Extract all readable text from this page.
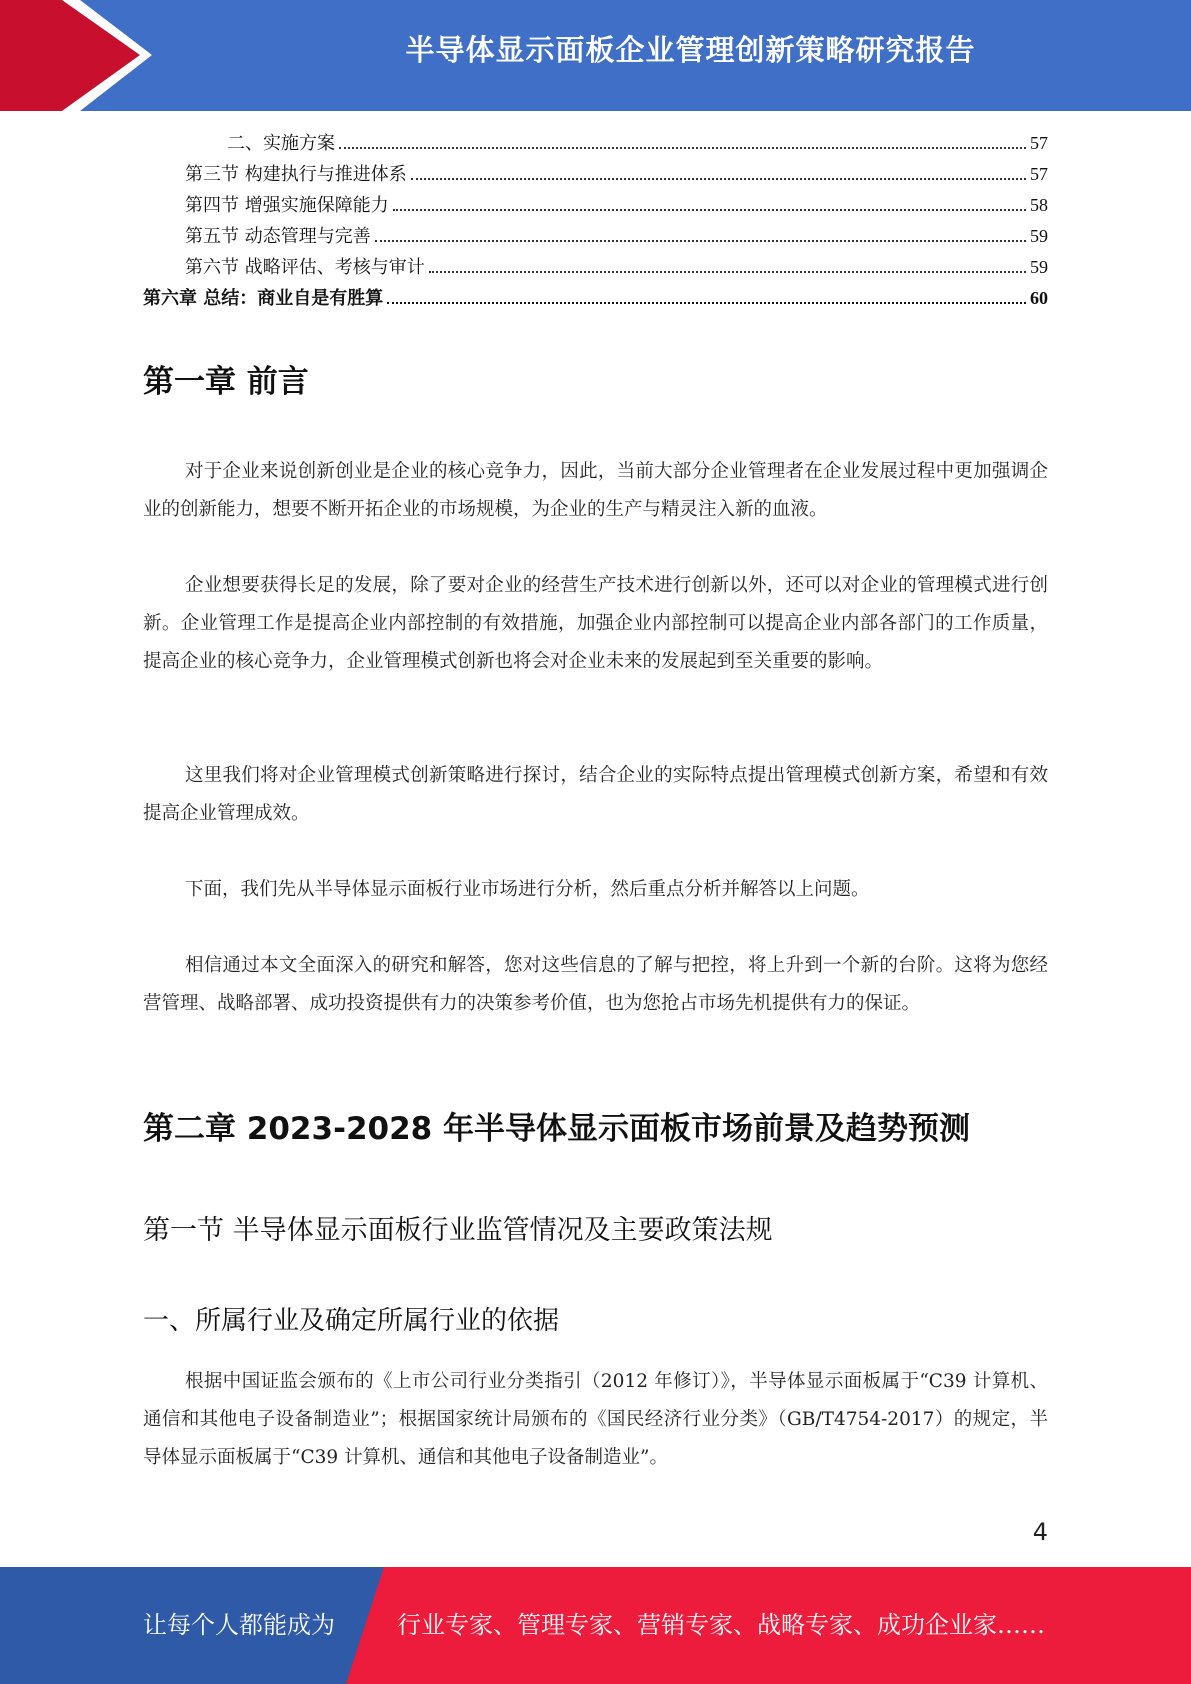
半导体显示面板企业管理创新策略研究报告
二、实施方案	57
第三节 构建执行与推进体系	57
第四节 增强实施保障能力	58
第五节 动态管理与完善	59
第六节 战略评估、考核与审计	59
第六章 总结：商业自是有胜算	60
第一章 前言

对于企业来说创新创业是企业的核心竞争力，因此，当前大部分企业管理者在企业发展过程中更加强调企业的创新能力，想要不断开拓企业的市场规模，为企业的生产与精灵注入新的血液。

企业想要获得长足的发展，除了要对企业的经营生产技术进行创新以外，还可以对企业的管理模式进行创新。企业管理工作是提高企业内部控制的有效措施，加强企业内部控制可以提高企业内部各部门的工作质量，提高企业的核心竞争力，企业管理模式创新也将会对企业未来的发展起到至关重要的影响。

这里我们将对企业管理模式创新策略进行探讨，结合企业的实际特点提出管理模式创新方案，希望和有效提高企业管理成效。

下面，我们先从半导体显示面板行业市场进行分析，然后重点分析并解答以上问题。

相信通过本文全面深入的研究和解答，您对这些信息的了解与把控，将上升到一个新的台阶。这将为您经营管理、战略部署、成功投资提供有力的决策参考价值，也为您抢占市场先机提供有力的保证。

第二章 2023-2028 年半导体显示面板市场前景及趋势预测
第一节 半导体显示面板行业监管情况及主要政策法规
一、所属行业及确定所属行业的依据

根据中国证监会颁布的《上市公司行业分类指引（2012 年修订）》，半导体显示面板属于“C39 计算机、通信和其他电子设备制造业”；根据国家统计局颁布的《国民经济行业分类》（GB/T4754-2017）的规定，半导体显示面板属于“C39 计算机、通信和其他电子设备制造业”。

4
让每个人都能成为	行业专家、管理专家、营销专家、战略专家、成功企业家……
